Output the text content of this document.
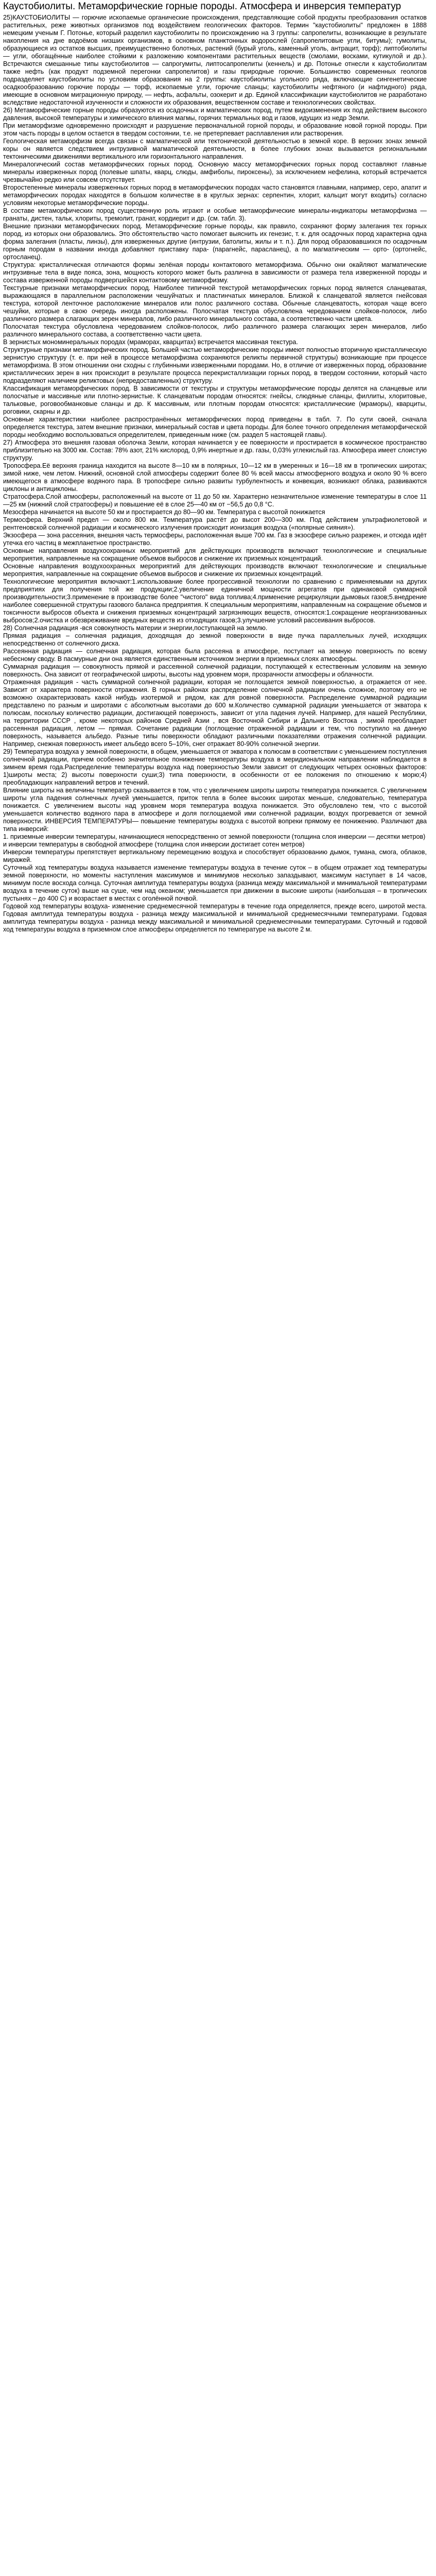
Каустобиолиты. Метаморфические горные породы. Атмосфера и инверсия температур

25)КАУСТОБИОЛИТЫ — горючие ископаемые органические происхождения, представляющие собой продукты преобразования остатков растительных, реже животных организмов под воздействием геологических факторов. Термин "каустобиолиты" предложен в 1888 немецким ученым Г. Потонье, который разделил каустобиолиты по происхождению на 3 группы: сапропелиты, возникающие в результате накопления на дне водоёмов низших организмов, в основном планктонных водорослей (сапропелитовые угли, битумы); гумолиты, образующиеся из остатков высших, преимущественно болотных, растений (бурый уголь, каменный уголь, антрацит, торф); липтобиолиты — угли, обогащённые наиболее стойкими к разложению компонентами растительных веществ (смолами, восками, кутикулой и др.). Встречаются смешанные типы каустобиолитов — сапрогумиты, липтосапропелиты (кеннель) и др. Потонье отнесли к каустобиолитам также нефть (как продукт подземной перегонки сапропелитов) и газы природные горючие. Большинство современных геологов подразделяет каустобиолиты по условиям образования на 2 группы: каустобиолиты угольного ряда, включающие сингенетические осадкообразованию горючие породы — торф, ископаемые угли, горючие сланцы; каустобиолиты нефтяного (и нафтидного) ряда, имеющие в основном миграционную природу, — нефть, асфальты, озокерит и др. Единой классификации каустобиолитов не разработано вследствие недостаточной изученности и сложности их образования, вещественном составе и технологических свойствах.

26) Метаморфические горные породы образуются из осадочных и магматических пород, путем видоизменения их под действием высокого давления, высокой температуры и химического влияния магмы, горячих термальных вод и газов, идущих из недр Земли.

При метаморфизме одновременно происходят и разрушение первоначальной горной породы, и образование новой горной породы. При этом часть породы в целом остается в твердом состоянии, т.е. не претерпевает расплавления или растворения.

Геологическая метаморфизм всегда связан с магматической или тектонической деятельностью в земной коре. В верхних зонах земной коры он является следствием интрузивной магматической деятельности, в более глубоких зонах вызывается региональными тектоническими движениями вертикального или горизонтального направления.

Минералогический состав метаморфических горных пород. Основную массу метаморфических горных пород составляют главные минералы изверженных пород (полевые шпаты, кварц, слюды, амфиболы, пироксены), за исключением нефелина, который встречается чрезвычайно редко или совсем отсутствует.

Второстепенные минералы изверженных горных пород в метаморфических породах часто становятся главными, например, серо, апатит и метаморфических породах находятся в большом количестве в в круглых зернах: серпентин, хлорит, кальцит могут входить) согласно условиям некоторые метаморфические породы.

В составе метаморфических пород существенную роль играют и особые метаморфические минералы-индикаторы метаморфизма — гранаты, дистен, тальк, хлориты, тремолит, гранат, кордиерит и др. (см. табл. 3).

Внешние признаки метаморфических пород. Метаморфические горные породы, как правило, сохраняют форму залегания тех горных пород, из которых они образовались. Это обстоятельство часто помогает выяснить их генезис, т. к. для осадочных пород характерна одна форма залегания (пласты, линзы), для изверженных другие (интрузии, батолиты, жилы и т. п.). Для пород образовавшихся по осадочным горным породам в названии иногда добавляют приставку пара- (парагнейс, парасланец), а по магматическим — орто- (ортогнейс, ортосланец).

Структура: кристаллическая отличаются формы зелёная породы контактового метаморфизма. Обычно они окайляют магматические интрузивные тела в виде пояса, зона, мощность которого может быть различна в зависимости от размера тела изверженной породы и состава изверженной породы подвергшейся контактовому метаморфизму.

Текстурные признаки метаморфических пород. Наиболее типичной текстурой метаморфических горных пород является сланцеватая, выражающаяся в параллельном расположении чешуйчатых и пластинчатых минералов. Близкой к сланцеватой является гнейсовая текстура, которой ленточное расположение минералов или полос различного состава. Обычные сланцеватость, которая чаще всего чешуйки, которые в свою очередь иногда расположены. Полосчатая текстура обусловлена чередованием слойков-полосок, либо различного размера слагающих зерен минералов, либо различного минерального состава, а соответственно части цвета.

Полосчатая текстура обусловлена чередованием слойков-полосок, либо различного размера слагающих зерен минералов, либо различного минерального состава, а соответственно части цвета.

В зернистых мономинеральных породах (мраморах, кварцитах) встречается массивная текстура.

Структурные признаки метаморфических пород. Большей частью метаморфические породы имеют полностью вторичную кристаллическую зернистую структуру (т. е. при ней в процессе метаморфизма сохраняются реликты первичной структуры) возникающие при процессе метаморфизма. В этом отношении они сходны с глубинными изверженными породами. Но, в отличие от изверженных пород, образование кристаллических зерен в них происходит в результате процесса перекристаллизации горных пород, в твердом состоянии, который часто подразделяют наличием реликтовых (непредоставленных) структуру.

Классификация метаморфических пород. В зависимости от текстуры и структуры метаморфические породы делятся на сланцевые или полосчатые и массивные или плотно-зернистые. К сланцеватым породам относятся: гнейсы, слюдяные сланцы, филлиты, хлоритовые, тальковые, роговообманковые сланцы и др. К массивным, или плотным породам относятся: кристаллические (мраморы), кварциты, роговики, скарны и др.

Основные характеристики наиболее распространённых метаморфических пород приведены в табл. 7. По сути своей, сначала определяется текстура, затем внешние признаки, минеральный состав и цвета породы. Для более точного определения метаморфической породы необходимо воспользоваться определителем, приведенным ниже (см. раздел 5 настоящей главы).

27) Атмосфера это внешняя газовая оболочка Земли, которая начинается у ее поверхности и простирается в космическое пространство приблизительно на 3000 км. Состав: 78% азот, 21% кислород, 0,9% инертные и др. газы, 0,03% углекислый газ. Атмосфера имеет слоистую структуру.

Тропосфера.Её верхняя граница находится на высоте 8—10 км в полярных, 10—12 км в умеренных и 16—18 км в тропических широтах; зимой ниже, чем летом. Нижний, основной слой атмосферы содержит более 80 % всей массы атмосферного воздуха и около 90 % всего имеющегося в атмосфере водяного пара. В тропосфере сильно развиты турбулентность и конвекция, возникают облака, развиваются циклоны и антициклоны.

Стратосфера.Слой атмосферы, расположенный на высоте от 11 до 50 км. Характерно незначительное изменение температуры в слое 11—25 км (нижний слой стратосферы) и повышение её в слое 25—40 км от −56,5 до 0,8 °C.

Мезосфера начинается на высоте 50 км и простирается до 80—90 км. Температура с высотой понижается

Термосфера. Верхний предел — около 800 км. Температура растёт до высот 200—300 км. Под действием ультрафиолетовой и рентгеновской солнечной радиации и космического излучения происходит ионизация воздуха («полярные сияния»).

Экзосфера — зона рассеяния, внешняя часть термосферы, расположенная выше 700 км. Газ в экзосфере сильно разрежен, и отсюда идёт утечка его частиц в межпланетное пространство.

Основные направления воздухоохранных мероприятий для действующих производств включают технологические и специальные мероприятия, направленные на сокращение объемов выбросов и снижение их приземных концентраций.

Основные направления воздухоохранных мероприятий для действующих производств включают технологические и специальные мероприятия, направленные на сокращение объемов выбросов и снижение их приземных концентраций.

Технологические мероприятия включают:1.использование более прогрессивной технологии по сравнению с применяемыми на других предприятиях для получения той же продукции;2.увеличение единичной мощности агрегатов при одинаковой суммарной производительности;3.применение в производстве более "чистого" вида топлива;4.применение рециркуляции дымовых газов;5.внедрение наиболее совершенной структуры газового баланса предприятия. К специальным мероприятиям, направленным на сокращение объемов и токсичности выбросов объекта и снижения приземных концентраций загрязняющих веществ, относятся:1.сокращение неорганизованных выбросов;2.очистка и обезвреживание вредных веществ из отходящих газов;3.улучшение условий рассеивания выбросов.

28) Солнечная радиация -вся совокупность материи и энергии,поступающей на землю.

Прямая радиация – солнечная радиация, доходящая до земной поверхности в виде пучка параллельных лучей, исходящих непосредственно от солнечного диска.

Рассеянная радиация — солнечная радиация, которая была рассеяна в атмосфере, поступает на земную поверхность по всему небесному своду. В пасмурные дни она является единственным источником энергии в приземных слоях атмосферы.

Суммарная радиация — совокупность прямой и рассеянной солнечной радиации, поступающей к естественным условиям на земную поверхность. Она зависит от географической широты, высоты над уровнем моря, прозрачности атмосферы и облачности.

Отраженная радиация - часть суммарной солнечной радиации, которая не поглощается земной поверхностью, а отражается от нее. Зависит от характера поверхности отражения. В горных районах распределение солнечной радиации очень сложное, поэтому его не возможно охарактеризовать какой нибудь изотермой и рядом, как для ровной поверхности. Распределение суммарной радиации представлено по разным и широтами с абсолютным высотами до 600 м.Количество суммарной радиации уменьшается от экватора к полюсам, поскольку количество радиации, достигающей поверхность, зависит от угла падения лучей. Например, для нашей Республики, на территории СССР , кроме некоторых районов Средней Азии , вся Восточной Сибири и Дальнего Востока , зимой преобладает рассеянная радиация, летом — прямая. Сочетание радиации (поглощение отраженной радиации и тем, что поступило на данную поверхность, называется альбедо. Разные типы поверхности обладают различными показателями отражения солнечной радиации. Например, снежная поверхность имеет альбедо всего 5–10%, снег отражает 80-90% солнечной энергии.

29) Температура воздуха у земной поверхности, в общем, уменьшается от экватора к полюсам в соответствии с уменьшением поступления солнечной радиации, причем особенно значительное понижение температуры воздуха в меридиональном направлении наблюдается в зимнем время года.Распределение температуры воздуха над поверхностью Земли зависит от следующих четырех основных факторов: 1)широты места; 2) высоты поверхности суши;3) типа поверхности, в особенности от ее положения по отношению к морю;4) преобладающих направлений ветров и течений.

Влияние широты на величины температур сказывается в том, что с увеличением широты широты температура понижается. С увеличением широты угла падения солнечных лучей уменьшается, приток тепла в более высоких широтах меньше, следовательно, температура понижается. С увеличением высоты над уровнем моря температура воздуха понижается. Это обусловлено тем, что с высотой уменьшается количество водяного пара в атмосфере и доля поглощаемой ими солнечной радиации, воздух прогревается от земной поверхности. ИНВЕРСИЯ ТЕМПЕРАТУРЫ— повышение температуры воздуха с высотой вопреки прямому ее понижению. Различают два типа инверсий:

1. приземные инверсии температуры, начинающиеся непосредственно от земной поверхности (толщина слоя инверсии — десятки метров)

и инверсии температуры в свободной атмосфере (толщина слоя инверсии достигает сотен метров)

Инверсии температуры препятствует вертикальному перемещению воздуха и способствует образованию дымок, тумана, смога, облаков, миражей.

Суточный ход температуры воздуха называется изменение температуры воздуха в течение суток – в общем отражает ход температуры земной поверхности, но моменты наступления максимумов и минимумов несколько запаздывают, максимум наступает в 14 часов, минимум после восхода солнца. Суточная амплитуда температуры воздуха (разница между максимальной и минимальной температурами воздуха в течение суток) выше на суше, чем над океаном; уменьшается при движении в высокие широты (наибольшая – в тропических пустынях – до 400 C) и возрастает в местах с оголённой почвой.

Годовой ход температуры воздуха- изменение среднемесячной температуры в течение года определяется, прежде всего, широтой места. Годовая амплитуда температуры воздуха - разница между максимальной и минимальной среднемесячными температурами. Годовая амплитуда температуры воздуха - разница между максимальной и минимальной среднемесячными температурами. Суточный и годовой ход температуры воздуха в приземном слое атмосферы определяется по температуре на высоте 2 м.
